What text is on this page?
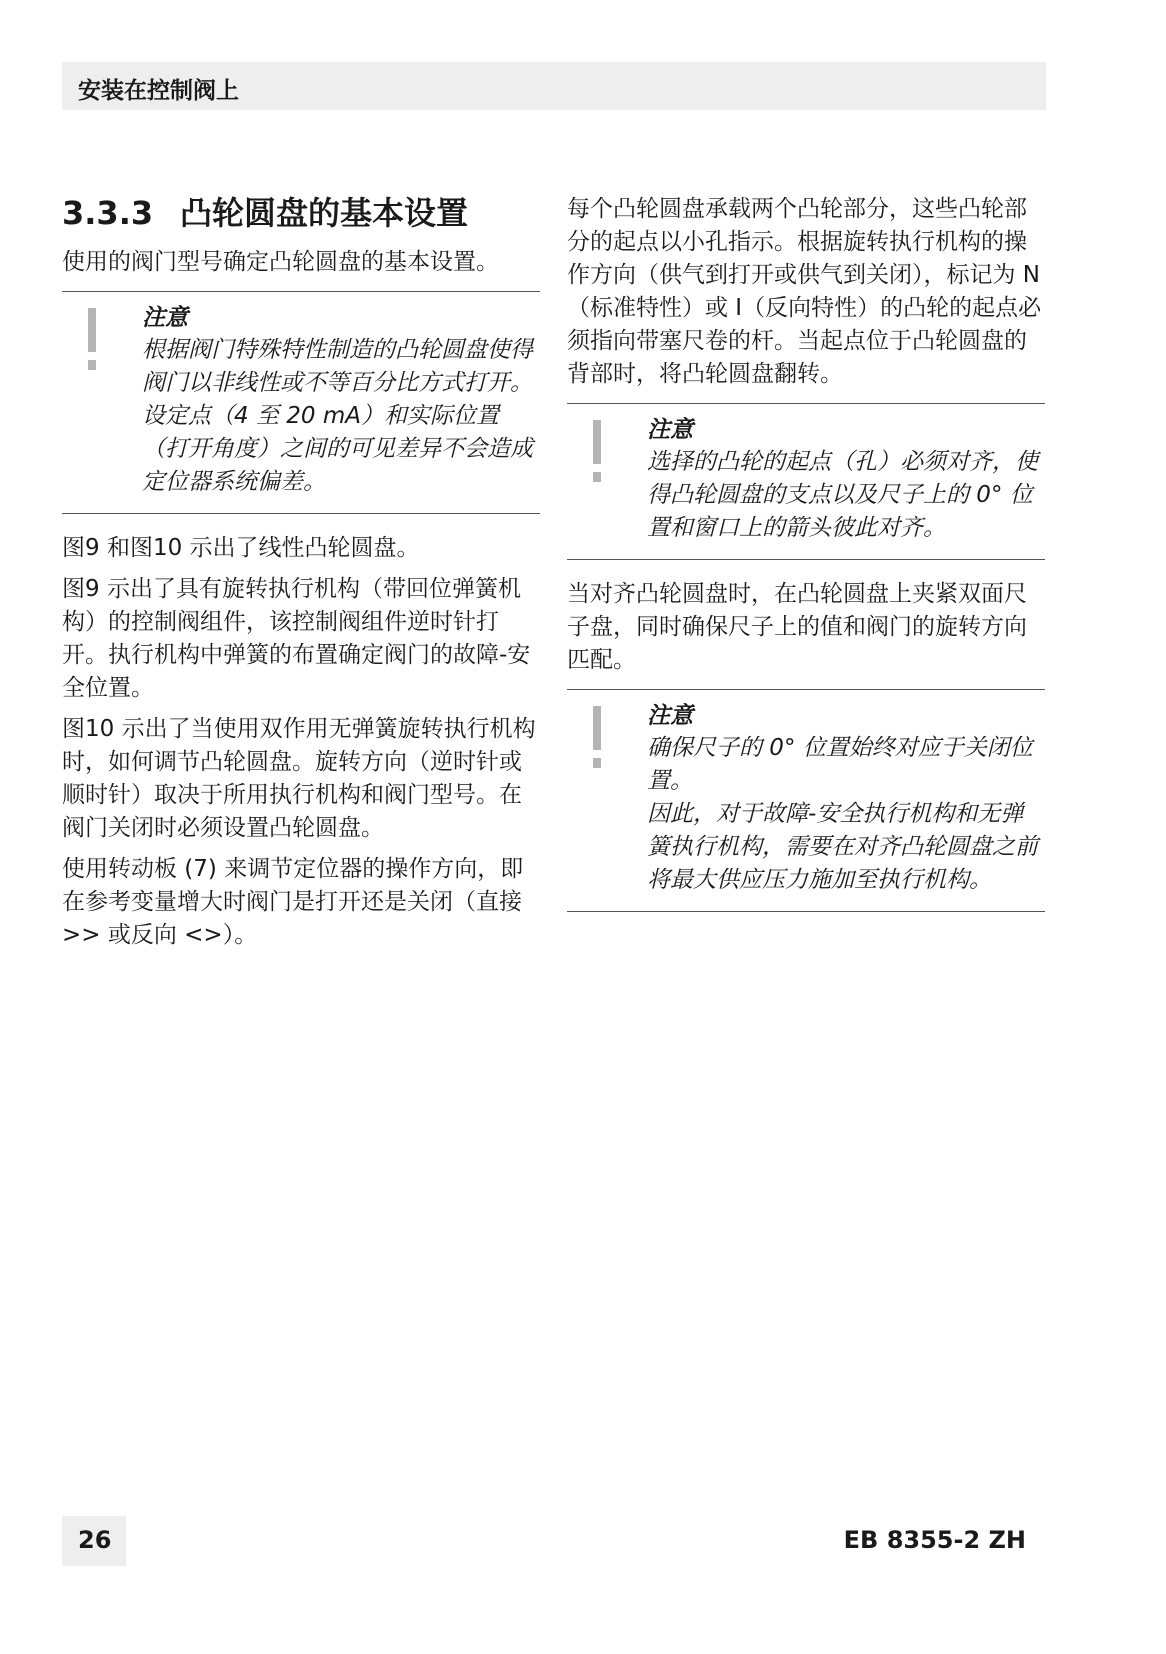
安装在控制阀上
3.3.3 凸轮圆盘的基本设置

使用的阀门型号确定凸轮圆盘的基本设置。

注意

根据阀门特殊特性制造的凸轮圆盘使得阀门以非线性或不等百分比方式打开。

设定点（4 至 20 mA）和实际位置（打开角度）之间的可见差异不会造成定位器系统偏差。

图9 和图10 示出了线性凸轮圆盘。

图9 示出了具有旋转执行机构（带回位弹簧机构）的控制阀组件，该控制阀组件逆时针打开。执行机构中弹簧的布置确定阀门的故障-安全位置。

图10 示出了当使用双作用无弹簧旋转执行机构时，如何调节凸轮圆盘。旋转方向（逆时针或顺时针）取决于所用执行机构和阀门型号。在阀门关闭时必须设置凸轮圆盘。

使用转动板 (7) 来调节定位器的操作方向，即在参考变量增大时阀门是打开还是关闭（直接 >> 或反向 <>）。

每个凸轮圆盘承载两个凸轮部分，这些凸轮部分的起点以小孔指示。根据旋转执行机构的操作方向（供气到打开或供气到关闭），标记为 N（标准特性）或 I（反向特性）的凸轮的起点必须指向带塞尺卷的杆。当起点位于凸轮圆盘的背部时，将凸轮圆盘翻转。

注意

选择的凸轮的起点（孔）必须对齐，使得凸轮圆盘的支点以及尺子上的 0° 位置和窗口上的箭头彼此对齐。

当对齐凸轮圆盘时，在凸轮圆盘上夹紧双面尺子盘，同时确保尺子上的值和阀门的旋转方向匹配。

注意

确保尺子的 0° 位置始终对应于关闭位置。

因此，对于故障-安全执行机构和无弹簧执行机构，需要在对齐凸轮圆盘之前将最大供应压力施加至执行机构。

26	EB 8355-2 ZH
